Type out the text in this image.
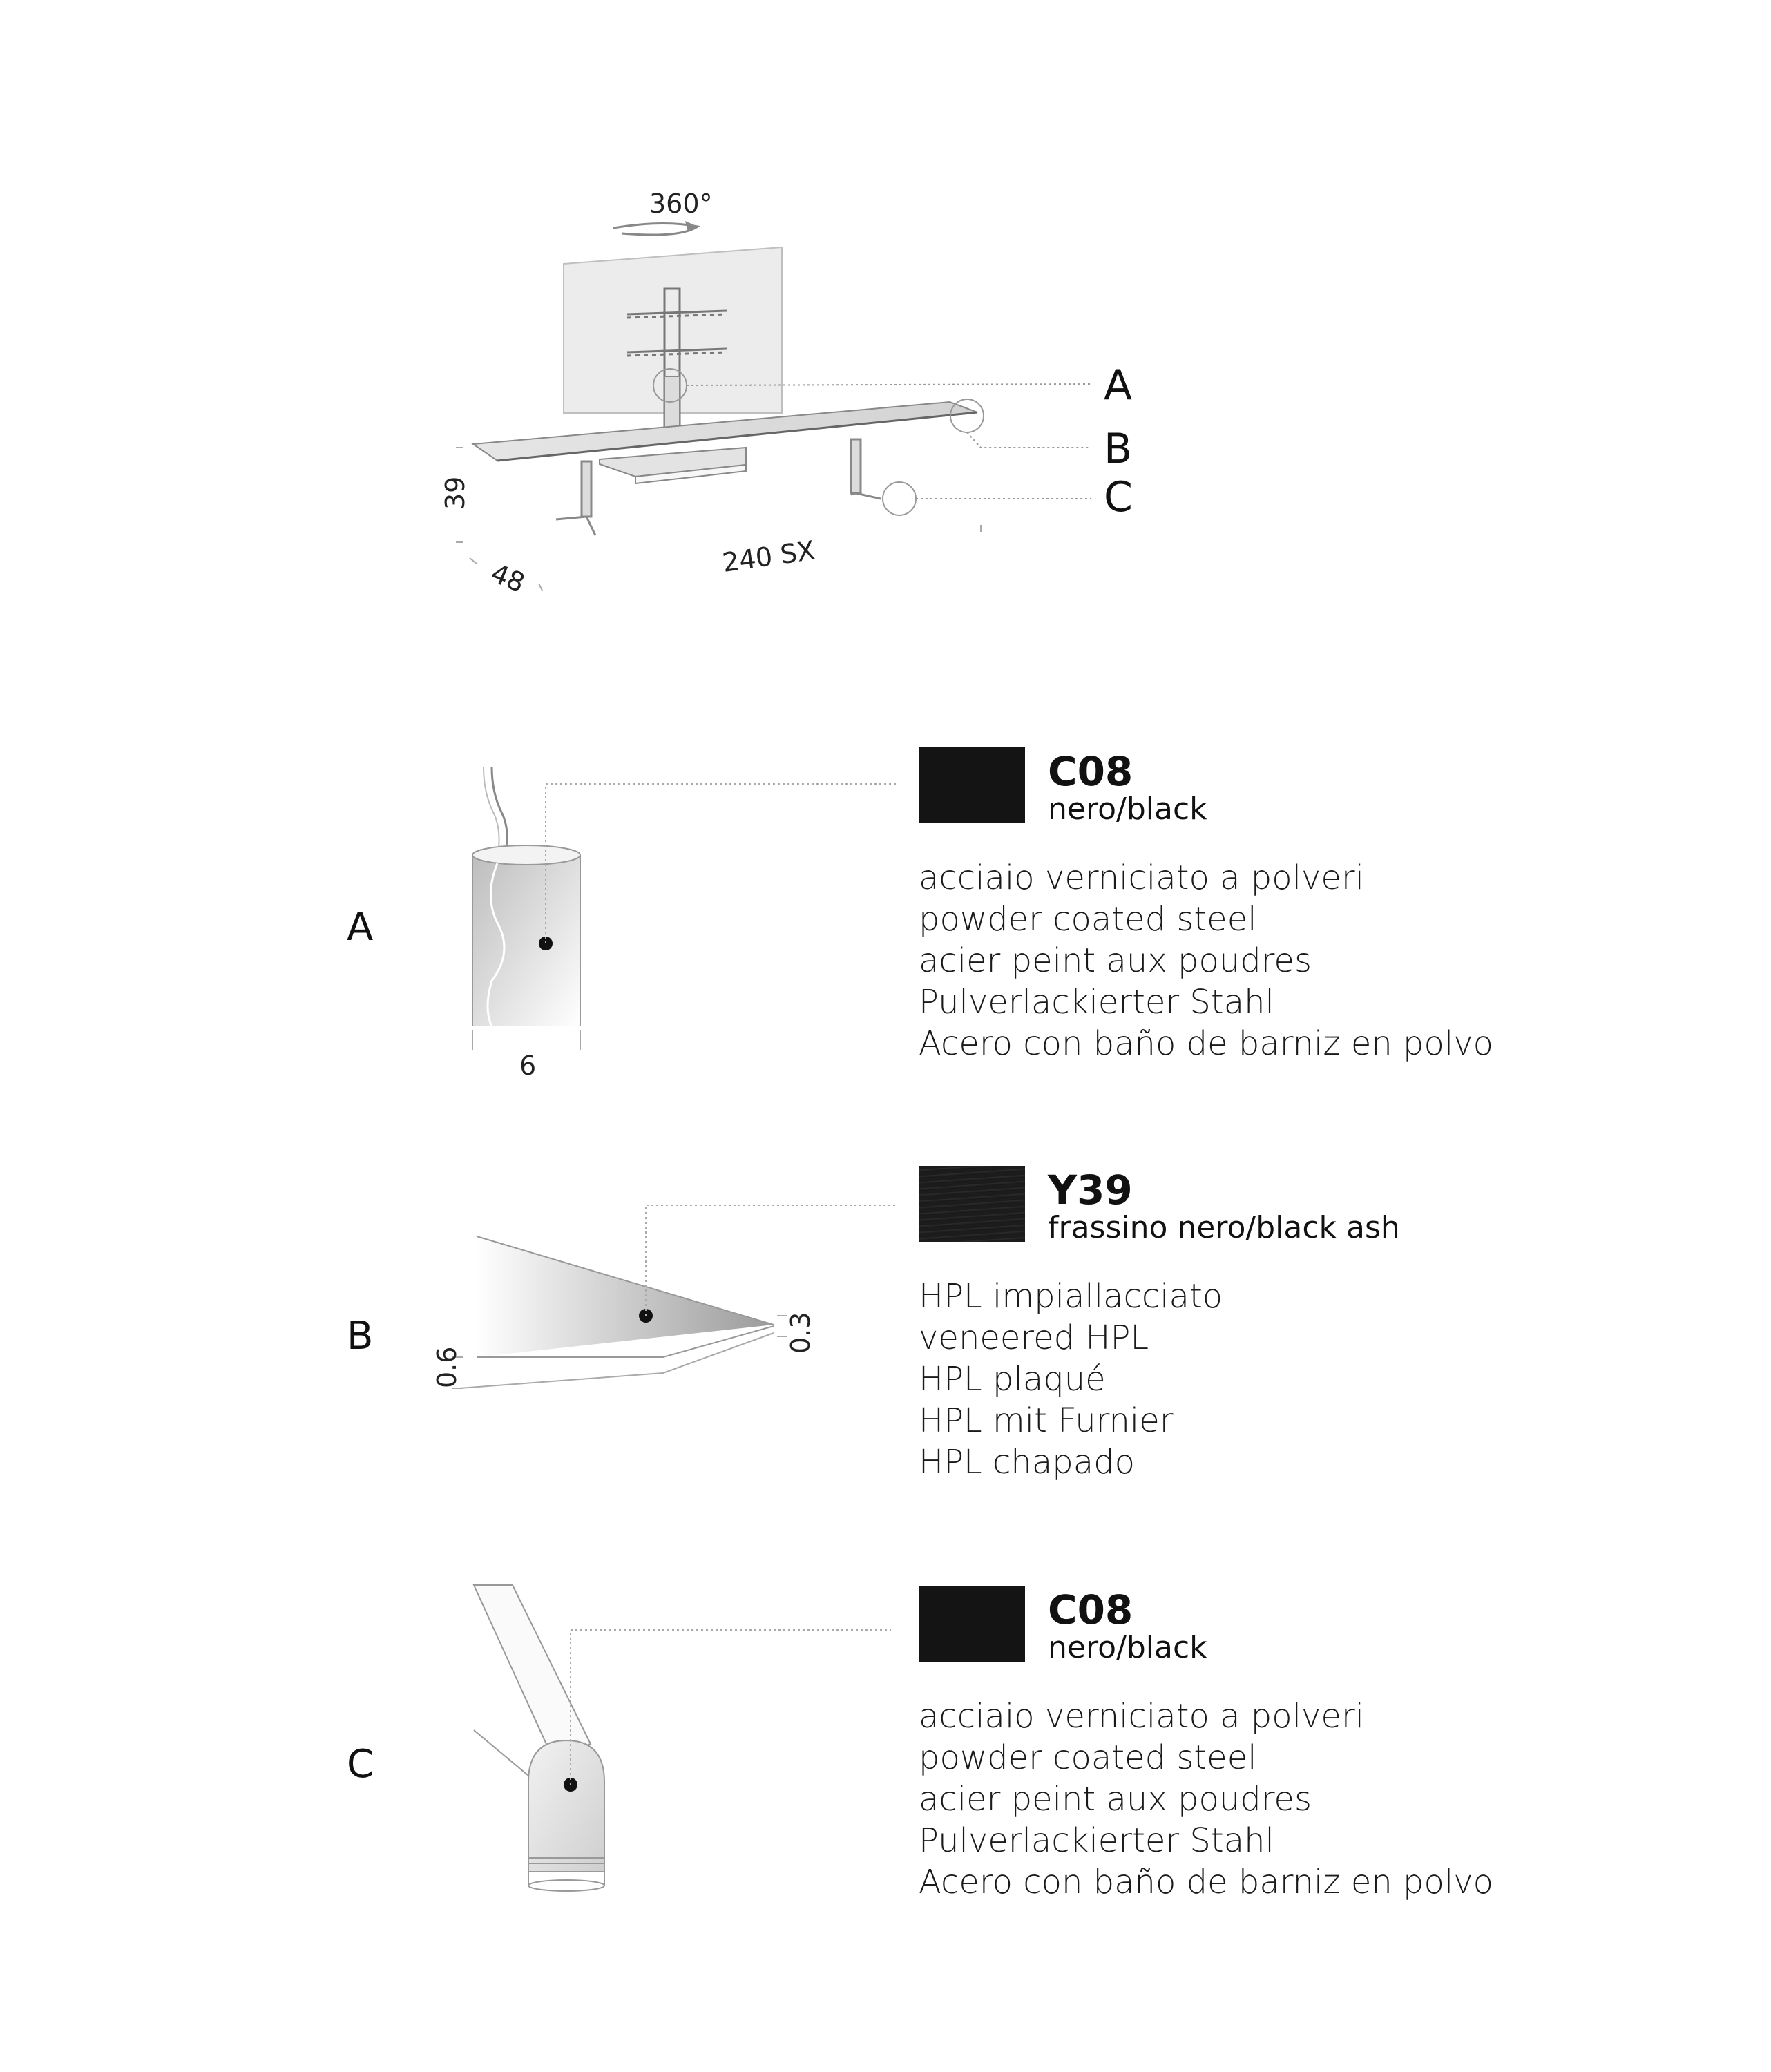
360°
A
B
C
39
48
240 SX
A
6
0.3
0.6
C08
nero/black
acciaio verniciato a polveri
powder coated steel
acier peint aux poudres
Pulverlackierter Stahl
Acero con baño de barniz en polvo
B
Y39
frassino nero/black ash
HPL impiallacciato
veneered HPL
HPL plaqué
HPL mit Furnier
HPL chapado
C
C08
nero/black
acciaio verniciato a polveri
powder coated steel
acier peint aux poudres
Pulverlackierter Stahl
Acero con baño de barniz en polvo
